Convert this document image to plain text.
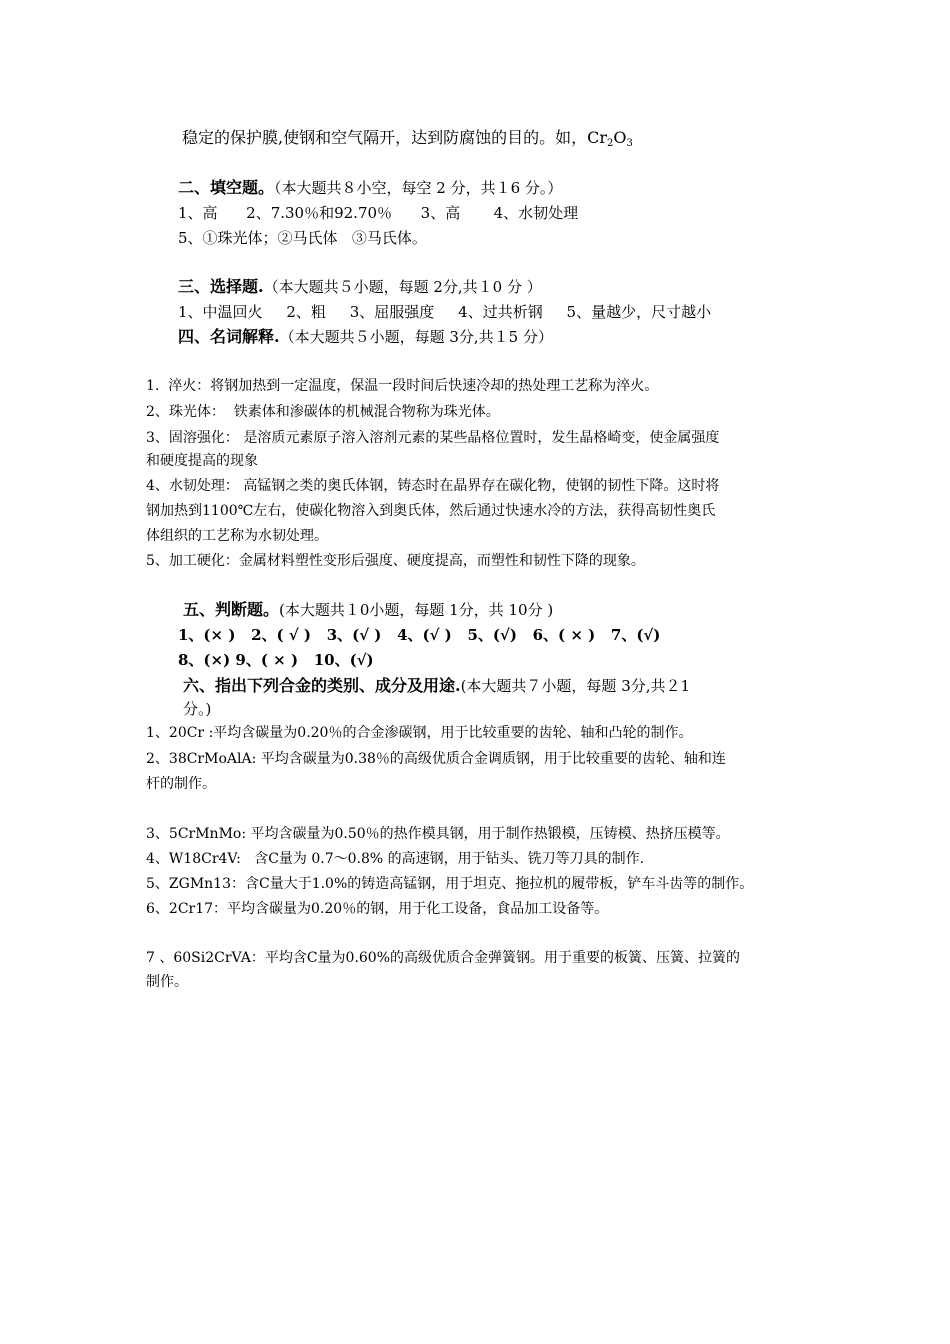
稳定的保护膜,使钢和空气隔开，达到防腐蚀的目的。如，$Cr_2O_3$
二、填空题。（本大题共８小空，每空 2 分，共１6 分。）
1、高      2、7.30％和92.70％      3、高       4、水韧处理
5、①珠光体；②马氏体   ③马氏体。
三、选择题.（本大题共５小题，每题 2分,共１0 分 ）
1、中温回火     2、粗     3、屈服强度     4、过共析钢     5、量越少，尺寸越小
四、名词解释.（本大题共５小题，每题 3分,共１5 分）
1.  淬火：将钢加热到一定温度，保温一段时间后快速冷却的热处理工艺称为淬火。
2、珠光体：  铁素体和渗碳体的机械混合物称为珠光体。
3、固溶强化： 是溶质元素原子溶入溶剂元素的某些晶格位置时，发生晶格崎变，使金属强度
和硬度提高的现象
4、水韧处理： 高锰钢之类的奥氏体钢，铸态时在晶界存在碳化物，使钢的韧性下降。这时将
钢加热到1100℃左右，使碳化物溶入到奥氏体，然后通过快速水冷的方法，获得高韧性奥氏
体组织的工艺称为水韧处理。
5、加工硬化：金属材料塑性变形后强度、硬度提高，而塑性和韧性下降的现象。
五、判断题。(本大题共１0小题，每题 1分，共 10分 )
1、(× )   2、( √ )   3、(√ )   4、(√ )   5、(√)   6、( × )   7、(√)
8、(×) 9、( × )   10、(√)
六、指出下列合金的类别、成分及用途.(本大题共７小题，每题 3分,共２1
分。)
1、20Cr :平均含碳量为0.20％的合金渗碳钢，用于比较重要的齿轮、轴和凸轮的制作。
2、38CrMoAlA: 平均含碳量为0.38％的高级优质合金调质钢，用于比较重要的齿轮、轴和连
杆的制作。
3、5CrMnMo: 平均含碳量为0.50％的热作模具钢，用于制作热锻模，压铸模、热挤压模等。
4、W18Cr4V:   含C量为 0.7～0.8% 的高速钢，用于钻头、铣刀等刀具的制作.
5、ZGMn13：含C量大于1.0%的铸造高锰钢，用于坦克、拖拉机的履带板，铲车斗齿等的制作。
6、2Cr17：平均含碳量为0.20％的钢，用于化工设备，食品加工设备等。
7 、60Si2CrVA：平均含C量为0.60%的高级优质合金弹簧钢。用于重要的板簧、压簧、拉簧的
制作。
